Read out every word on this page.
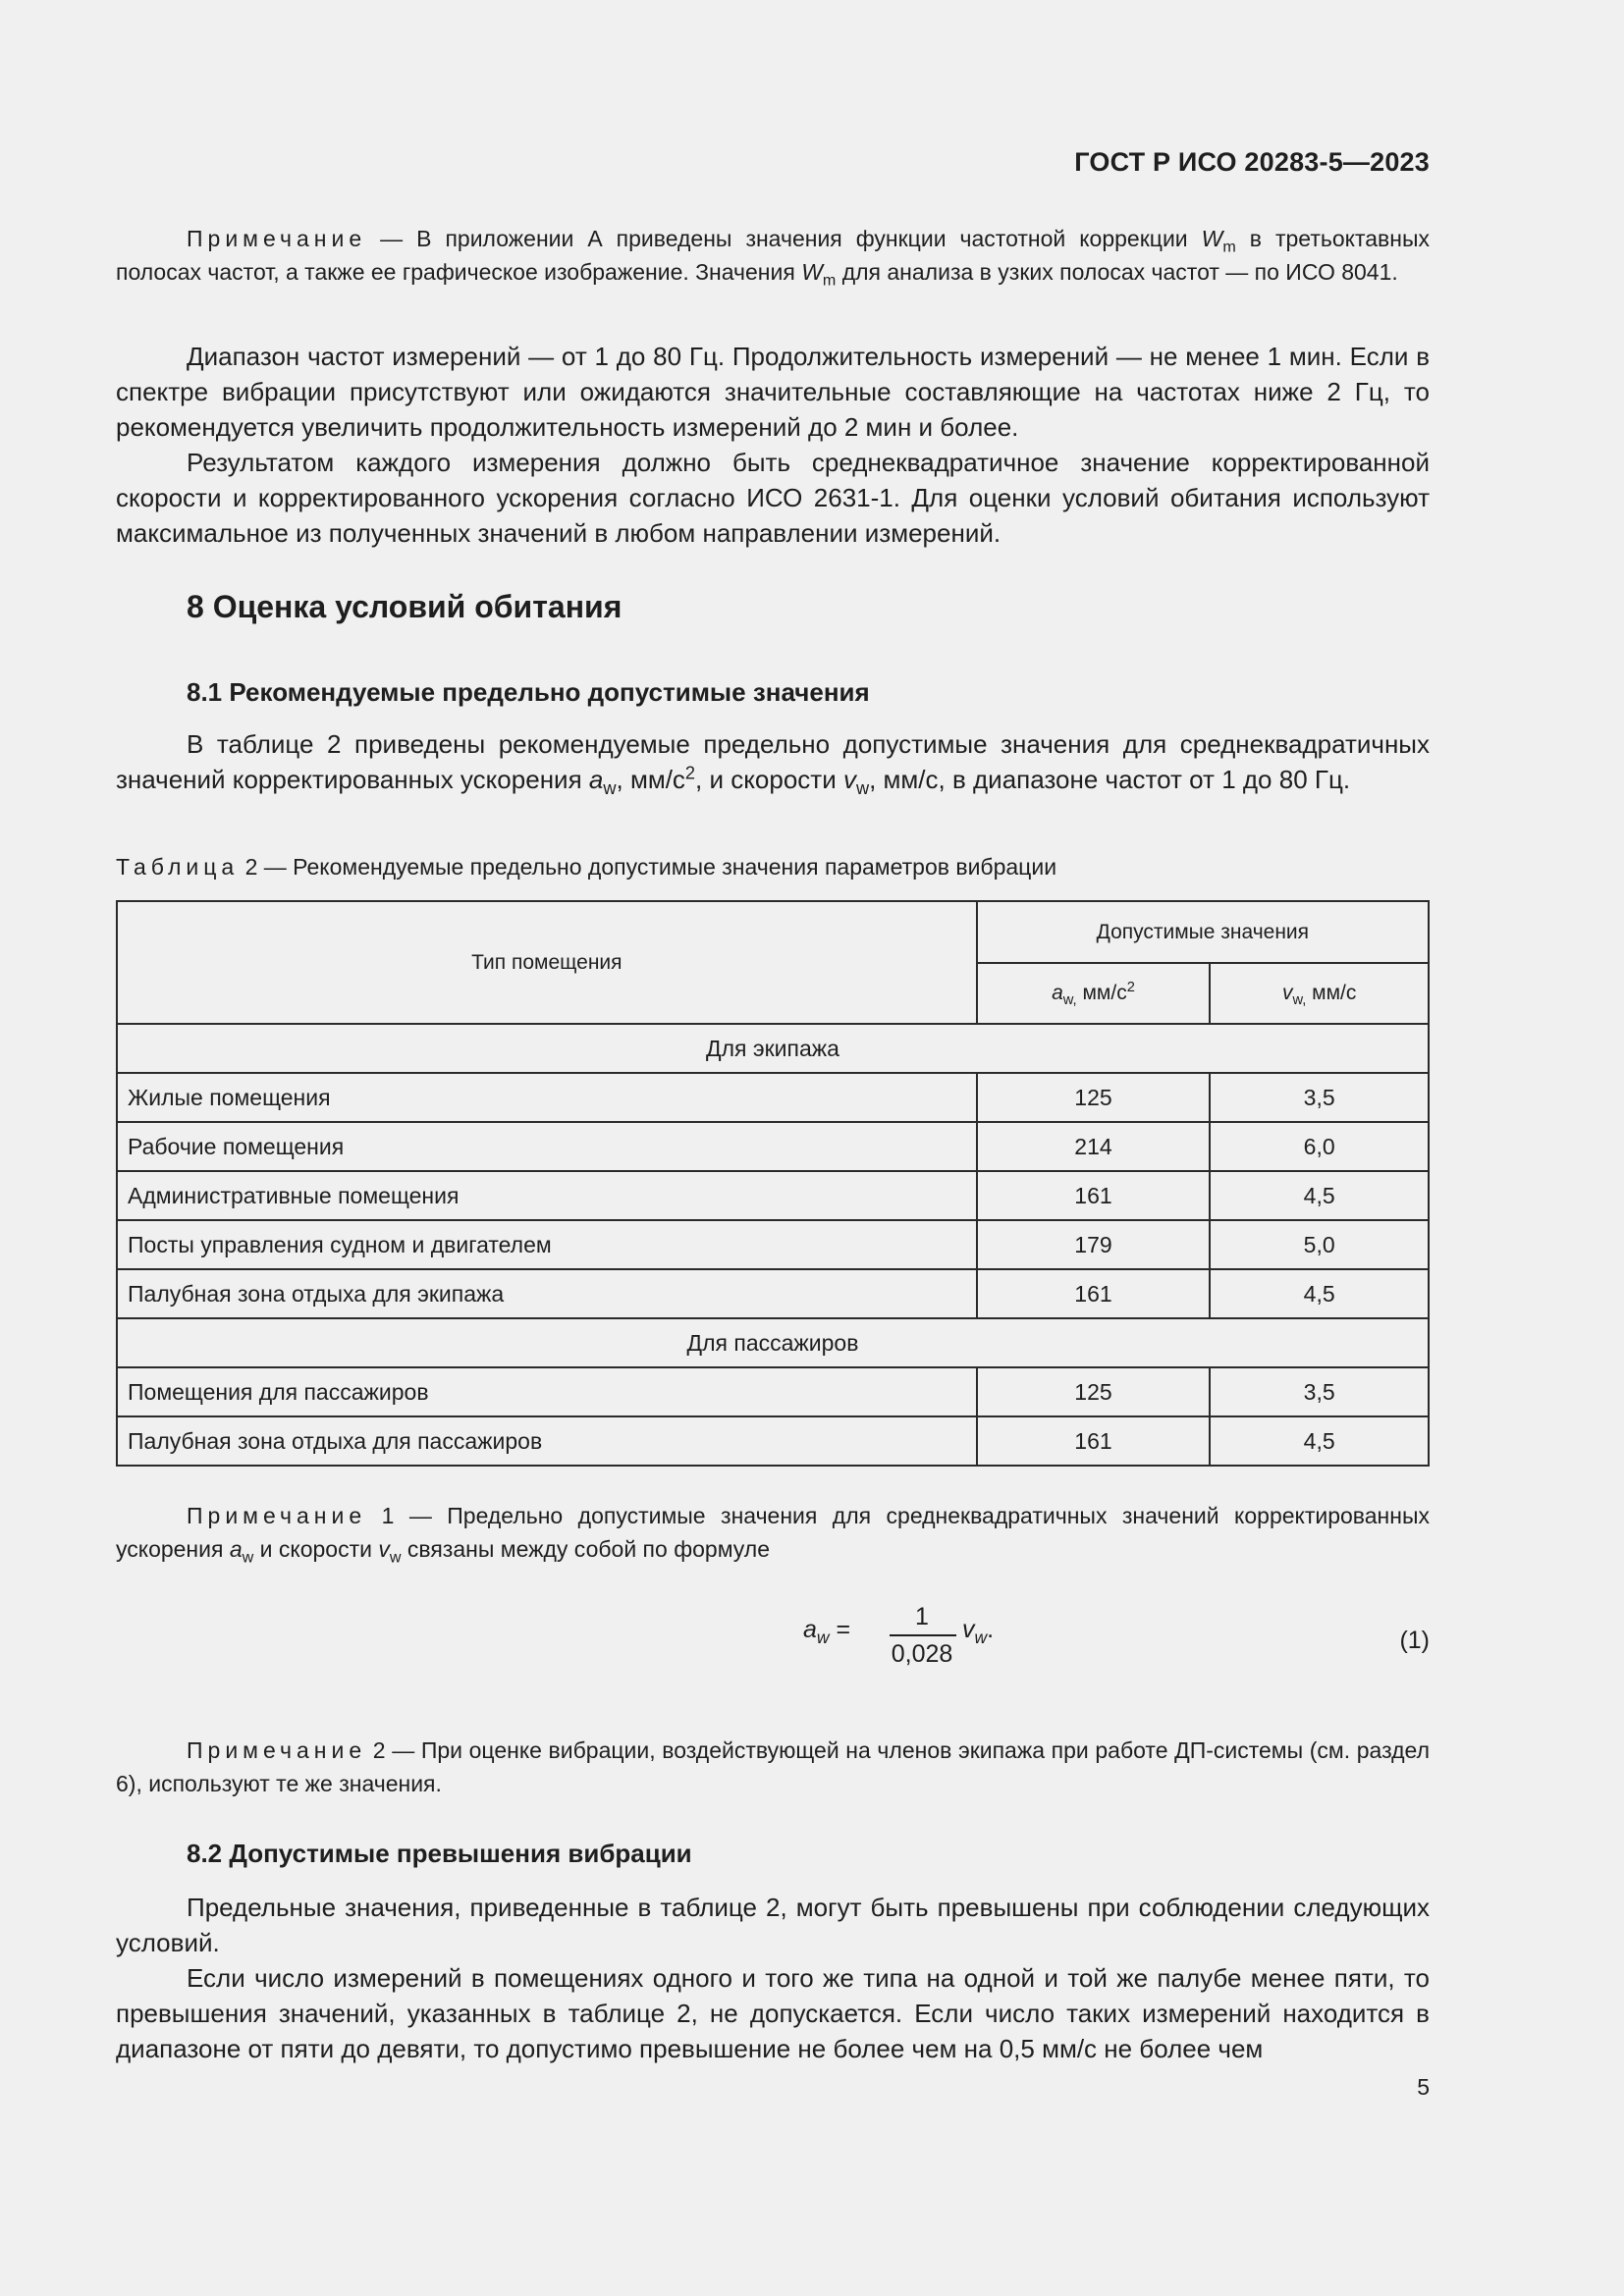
ГОСТ Р ИСО 20283-5—2023
Примечание — В приложении А приведены значения функции частотной коррекции $W_m$ в третьоктавных полосах частот, а также ее графическое изображение. Значения $W_m$ для анализа в узких полосах частот — по ИСО 8041.
Диапазон частот измерений — от 1 до 80 Гц. Продолжительность измерений — не менее 1 мин. Если в спектре вибрации присутствуют или ожидаются значительные составляющие на частотах ниже 2 Гц, то рекомендуется увеличить продолжительность измерений до 2 мин и более.
Результатом каждого измерения должно быть среднеквадратичное значение корректированной скорости и корректированного ускорения согласно ИСО 2631-1. Для оценки условий обитания используют максимальное из полученных значений в любом направлении измерений.
8 Оценка условий обитания
8.1 Рекомендуемые предельно допустимые значения
В таблице 2 приведены рекомендуемые предельно допустимые значения для среднеквадратичных значений корректированных ускорения $a_w$, $мм/с^2$, и скорости $v_w$, мм/с, в диапазоне частот от 1 до 80 Гц.
Таблица 2 — Рекомендуемые предельно допустимые значения параметров вибрации
Тип помещения	Допустимые значения	
	$a_{w,}$ $мм/с^2$	$v_{w,}$ мм/с
Для экипажа		
Жилые помещения	125	3,5
Рабочие помещения	214	6,0
Административные помещения	161	4,5
Посты управления судном и двигателем	179	5,0
Палубная зона отдыха для экипажа	161	4,5
Для пассажиров		
Помещения для пассажиров	125	3,5
Палубная зона отдыха для пассажиров	161	4,5
Примечание 1 — Предельно допустимые значения для среднеквадратичных значений корректированных ускорения $a_w$ и скорости $v_w$ связаны между собой по формуле
$a_w$ =	1
0,028
$v_w$.	(1)
Примечание 2 — При оценке вибрации, воздействующей на членов экипажа при работе ДП-системы (см. раздел 6), используют те же значения.
8.2 Допустимые превышения вибрации
Предельные значения, приведенные в таблице 2, могут быть превышены при соблюдении следующих условий.
Если число измерений в помещениях одного и того же типа на одной и той же палубе менее пяти, то превышения значений, указанных в таблице 2, не допускается. Если число таких измерений находится в диапазоне от пяти до девяти, то допустимо превышение не более чем на 0,5 мм/с не более чем
5
